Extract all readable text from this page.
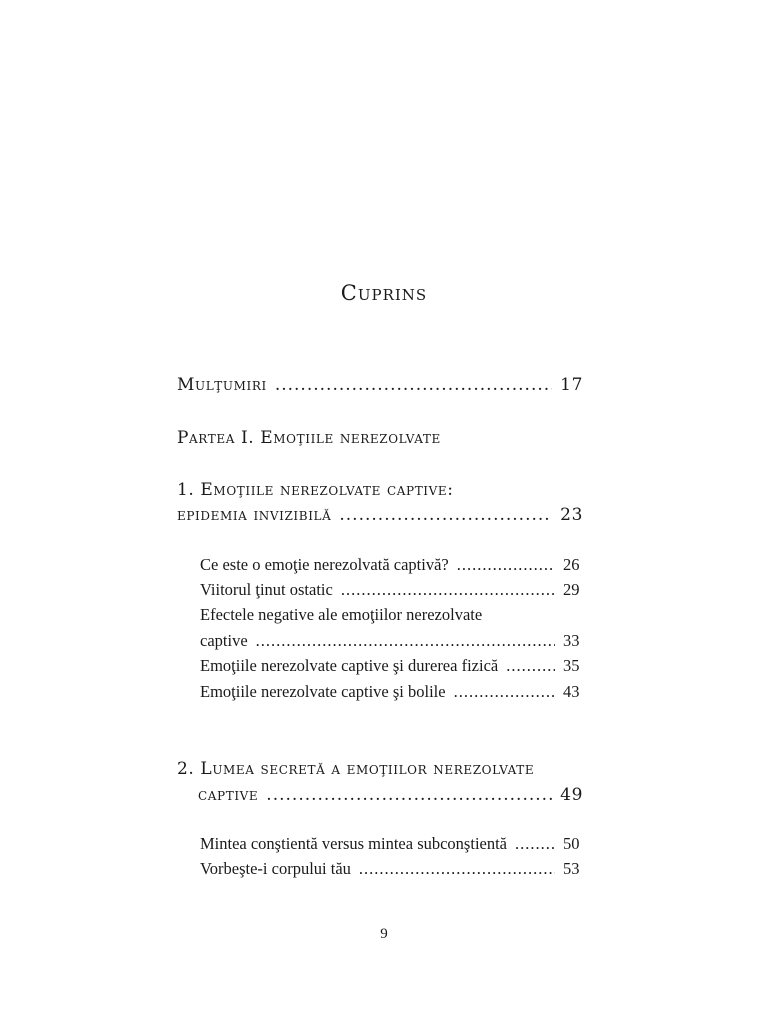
Cuprins
Mulţumiri .....	17
Partea I. Emoţiile nerezolvate
1. Emoţiile nerezolvate captive:
epidemia invizibilă .....	23
Ce este o emoţie nerezolvată captivă? .....	26
Viitorul ţinut ostatic .....	29
Efectele negative ale emoţiilor nerezolvate
captive .....	33
Emoţiile nerezolvate captive şi durerea fizică .....	35
Emoţiile nerezolvate captive şi bolile .....	43
2. Lumea secretă a emoţiilor nerezolvate
captive .....	49
Mintea conştientă versus mintea subconştientă .....	50
Vorbeşte-i corpului tău .....	53
9
